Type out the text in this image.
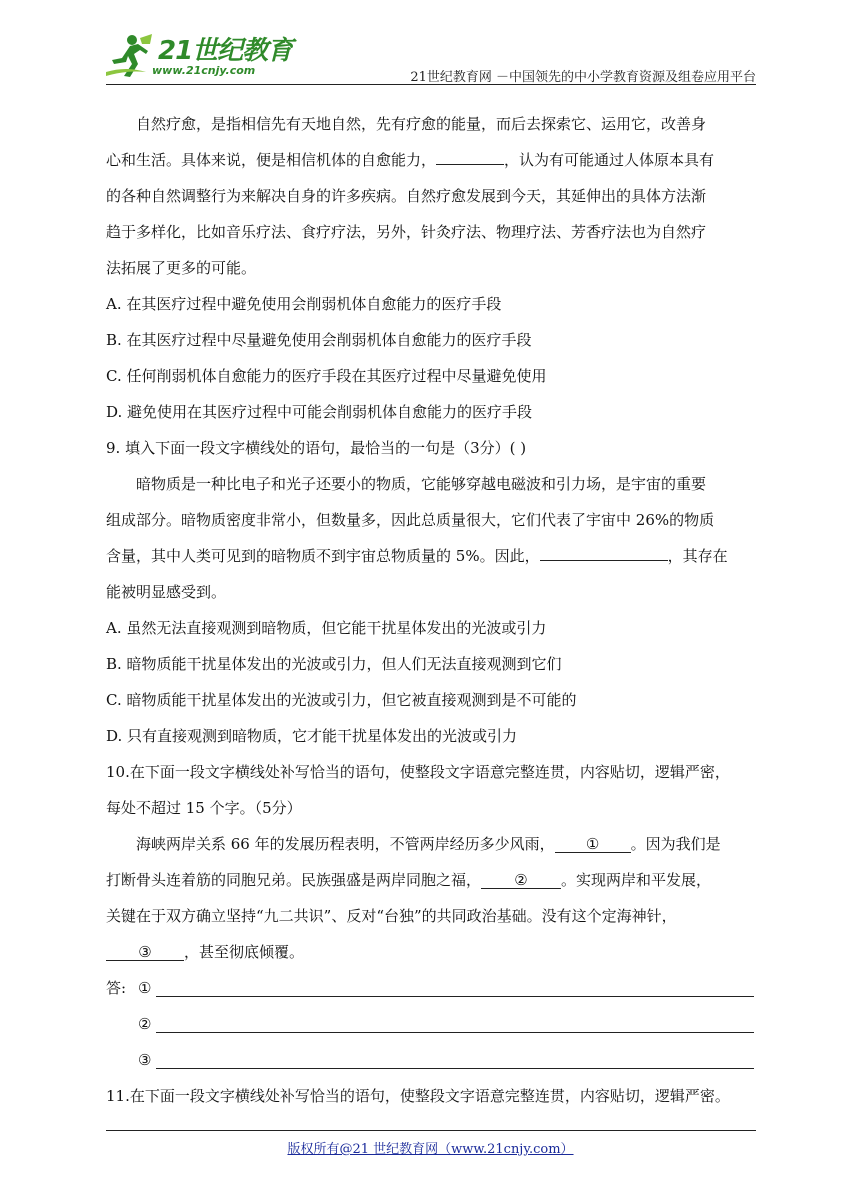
21世纪教育
www.21cnjy.com	21世纪教育网 －中国领先的中小学教育资源及组卷应用平台

自然疗愈，是指相信先有天地自然，先有疗愈的能量，而后去探索它、运用它，改善身

心和生活。具体来说，便是相信机体的自愈能力，	，认为有可能通过人体原本具有

的各种自然调整行为来解决自身的许多疾病。自然疗愈发展到今天，其延伸出的具体方法渐

趋于多样化，比如音乐疗法、食疗疗法，另外，针灸疗法、物理疗法、芳香疗法也为自然疗

法拓展了更多的可能。

A. 在其医疗过程中避免使用会削弱机体自愈能力的医疗手段

B. 在其医疗过程中尽量避免使用会削弱机体自愈能力的医疗手段

C. 任何削弱机体自愈能力的医疗手段在其医疗过程中尽量避免使用

D. 避免使用在其医疗过程中可能会削弱机体自愈能力的医疗手段

9. 填入下面一段文字横线处的语句，最恰当的一句是（3分）( )

暗物质是一种比电子和光子还要小的物质，它能够穿越电磁波和引力场，是宇宙的重要

组成部分。暗物质密度非常小，但数量多，因此总质量很大，它们代表了宇宙中 26%的物质

含量，其中人类可见到的暗物质不到宇宙总物质量的 5%。因此，	，其存在

能被明显感受到。

A. 虽然无法直接观测到暗物质，但它能干扰星体发出的光波或引力

B. 暗物质能干扰星体发出的光波或引力，但人们无法直接观测到它们

C. 暗物质能干扰星体发出的光波或引力，但它被直接观测到是不可能的

D. 只有直接观测到暗物质，它才能干扰星体发出的光波或引力

10.在下面一段文字横线处补写恰当的语句，使整段文字语意完整连贯，内容贴切，逻辑严密，

每处不超过 15 个字。（5分）

海峡两岸关系 66 年的发展历程表明，不管两岸经历多少风雨， ① 。因为我们是

打断骨头连着筋的同胞兄弟。民族强盛是两岸同胞之福， ② 。实现两岸和平发展，

关键在于双方确立坚持“九二共识”、反对“台独”的共同政治基础。没有这个定海神针，

③ ，甚至彻底倾覆。

答: ①
②
③

11.在下面一段文字横线处补写恰当的语句，使整段文字语意完整连贯，内容贴切，逻辑严密。

版权所有@21 世纪教育网（www.21cnjy.com）
